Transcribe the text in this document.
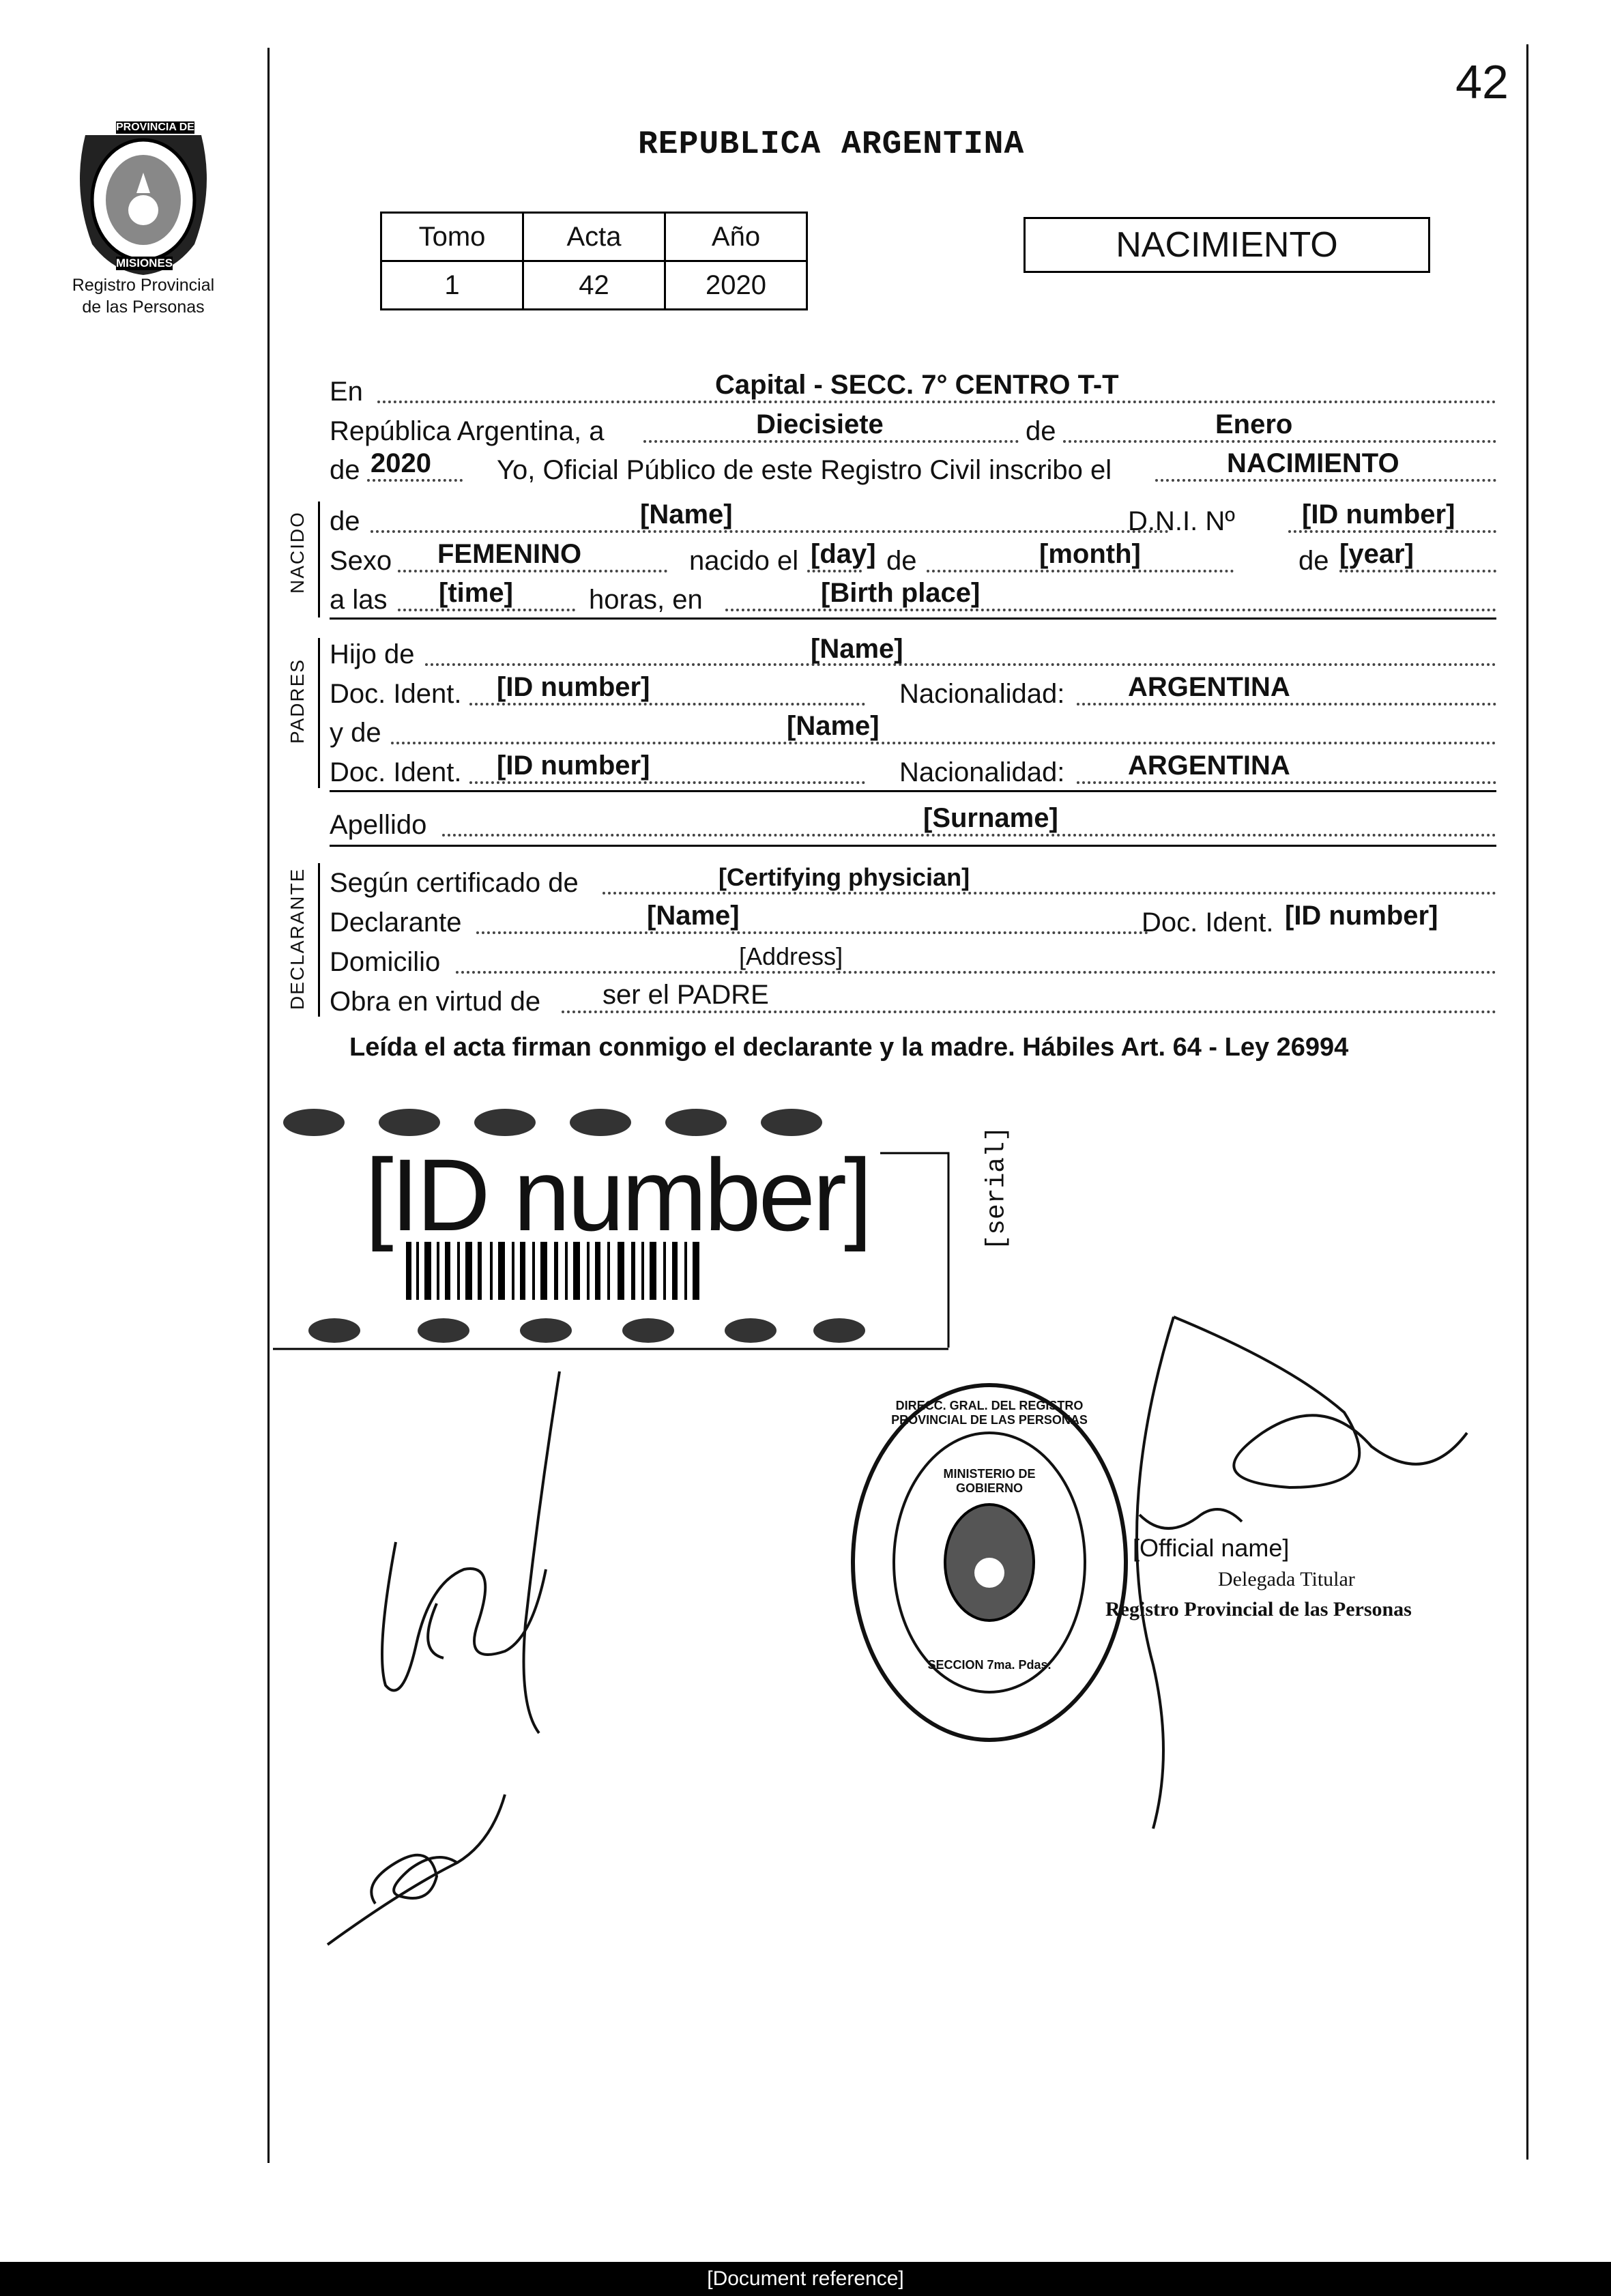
PROVINCIA DE
MISIONES
Registro Provincial
de las Personas
42
REPUBLICA ARGENTINA
Tomo	Acta	Año
1	42	2020
NACIMIENTO
En	Capital - SECC. 7° CENTRO T-T
República Argentina, a	Diecisiete	de	Enero
de 2020 Yo, Oficial Público de este Registro Civil inscribo el	NACIMIENTO
NACIDO de	[Name]	D.N.I. Nº [ID number]
Sexo FEMENINO	nacido el [day] de	[month]	de [year]
a las [time]	horas, en	[Birth place]
PADRES
Hijo de	[Name]
Doc. Ident. [ID number]	Nacionalidad: ARGENTINA
y de	[Name]
Doc. Ident. [ID number]	Nacionalidad: ARGENTINA
Apellido	[Surname]
DECLARANTE Según certificado de	[Certifying physician]
Declarante	[Name]	Doc. Ident. [ID number]
Domicilio	[Address]
Obra en virtud de ser el PADRE
Leída el acta firman conmigo el declarante y la madre. Hábiles Art. 64 - Ley 26994
[ID number]	[serial]
DIRECC. GRAL. DEL REGISTRO PROVINCIAL DE LAS PERSONAS
MINISTERIO DE GOBIERNO
SECCION 7ma. Pdas.
[Official name]
Delegada Titular
Registro Provincial de las Personas
[Document reference]
